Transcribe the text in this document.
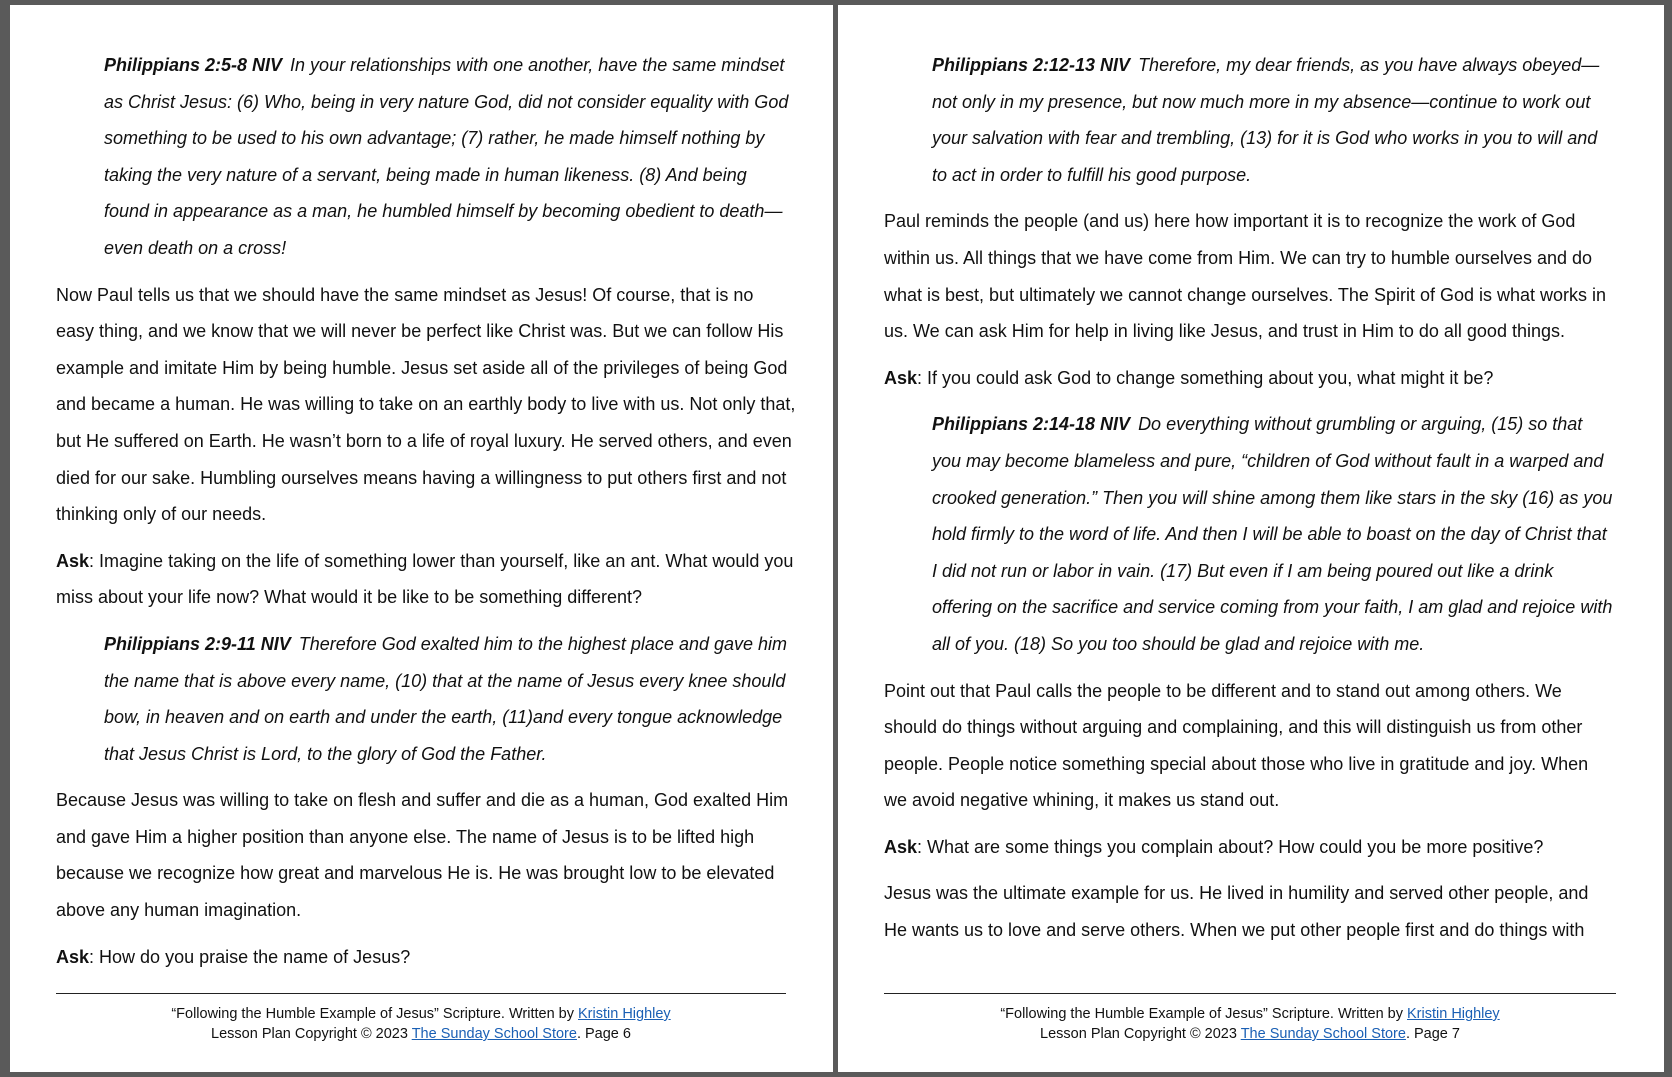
Philippians 2:5-8 NIV In your relationships with one another, have the same mindset as Christ Jesus: (6) Who, being in very nature God, did not consider equality with God something to be used to his own advantage; (7) rather, he made himself nothing by taking the very nature of a servant, being made in human likeness. (8) And being found in appearance as a man, he humbled himself by becoming obedient to death—even death on a cross!

Now Paul tells us that we should have the same mindset as Jesus! Of course, that is no easy thing, and we know that we will never be perfect like Christ was. But we can follow His example and imitate Him by being humble. Jesus set aside all of the privileges of being God and became a human. He was willing to take on an earthly body to live with us. Not only that, but He suffered on Earth. He wasn’t born to a life of royal luxury. He served others, and even died for our sake. Humbling ourselves means having a willingness to put others first and not thinking only of our needs.

Ask: Imagine taking on the life of something lower than yourself, like an ant. What would you miss about your life now? What would it be like to be something different?

Philippians 2:9-11 NIV Therefore God exalted him to the highest place and gave him the name that is above every name, (10) that at the name of Jesus every knee should bow, in heaven and on earth and under the earth, (11)and every tongue acknowledge that Jesus Christ is Lord, to the glory of God the Father.

Because Jesus was willing to take on flesh and suffer and die as a human, God exalted Him and gave Him a higher position than anyone else. The name of Jesus is to be lifted high because we recognize how great and marvelous He is. He was brought low to be elevated above any human imagination.

Ask: How do you praise the name of Jesus?

“Following the Humble Example of Jesus” Scripture. Written by Kristin Highley
Lesson Plan Copyright © 2023 The Sunday School Store. Page 6

Philippians 2:12-13 NIV Therefore, my dear friends, as you have always obeyed—not only in my presence, but now much more in my absence—continue to work out your salvation with fear and trembling, (13) for it is God who works in you to will and to act in order to fulfill his good purpose.

Paul reminds the people (and us) here how important it is to recognize the work of God within us. All things that we have come from Him. We can try to humble ourselves and do what is best, but ultimately we cannot change ourselves. The Spirit of God is what works in us. We can ask Him for help in living like Jesus, and trust in Him to do all good things.

Ask: If you could ask God to change something about you, what might it be?

Philippians 2:14-18 NIV Do everything without grumbling or arguing, (15) so that you may become blameless and pure, “children of God without fault in a warped and crooked generation.” Then you will shine among them like stars in the sky (16) as you hold firmly to the word of life. And then I will be able to boast on the day of Christ that I did not run or labor in vain. (17) But even if I am being poured out like a drink offering on the sacrifice and service coming from your faith, I am glad and rejoice with all of you. (18) So you too should be glad and rejoice with me.

Point out that Paul calls the people to be different and to stand out among others. We should do things without arguing and complaining, and this will distinguish us from other people. People notice something special about those who live in gratitude and joy. When we avoid negative whining, it makes us stand out.

Ask: What are some things you complain about? How could you be more positive?

Jesus was the ultimate example for us. He lived in humility and served other people, and He wants us to love and serve others. When we put other people first and do things with

“Following the Humble Example of Jesus” Scripture. Written by Kristin Highley
Lesson Plan Copyright © 2023 The Sunday School Store. Page 7
